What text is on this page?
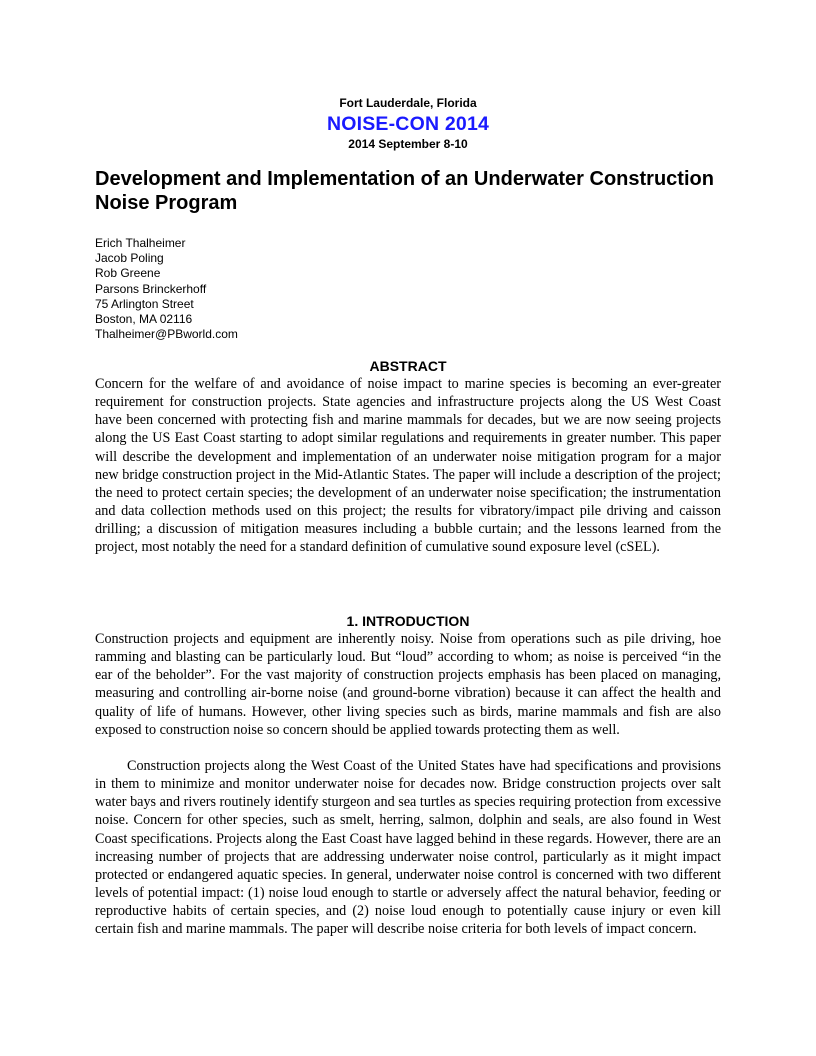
Fort Lauderdale, Florida
NOISE-CON 2014
2014 September 8-10
Development and Implementation of an Underwater Construction Noise Program
Erich Thalheimer
Jacob Poling
Rob Greene
Parsons Brinckerhoff
75 Arlington Street
Boston, MA 02116
Thalheimer@PBworld.com
ABSTRACT

Concern for the welfare of and avoidance of noise impact to marine species is becoming an ever-greater requirement for construction projects. State agencies and infrastructure projects along the US West Coast have been concerned with protecting fish and marine mammals for decades, but we are now seeing projects along the US East Coast starting to adopt similar regulations and requirements in greater number. This paper will describe the development and implementation of an underwater noise mitigation program for a major new bridge construction project in the Mid-Atlantic States. The paper will include a description of the project; the need to protect certain species; the development of an underwater noise specification; the instrumentation and data collection methods used on this project; the results for vibratory/impact pile driving and caisson drilling; a discussion of mitigation measures including a bubble curtain; and the lessons learned from the project, most notably the need for a standard definition of cumulative sound exposure level (cSEL).

1. INTRODUCTION

Construction projects and equipment are inherently noisy. Noise from operations such as pile driving, hoe ramming and blasting can be particularly loud. But “loud” according to whom; as noise is perceived “in the ear of the beholder”. For the vast majority of construction projects emphasis has been placed on managing, measuring and controlling air-borne noise (and ground-borne vibration) because it can affect the health and quality of life of humans. However, other living species such as birds, marine mammals and fish are also exposed to construction noise so concern should be applied towards protecting them as well.

Construction projects along the West Coast of the United States have had specifications and provisions in them to minimize and monitor underwater noise for decades now. Bridge construction projects over salt water bays and rivers routinely identify sturgeon and sea turtles as species requiring protection from excessive noise. Concern for other species, such as smelt, herring, salmon, dolphin and seals, are also found in West Coast specifications. Projects along the East Coast have lagged behind in these regards. However, there are an increasing number of projects that are addressing underwater noise control, particularly as it might impact protected or endangered aquatic species. In general, underwater noise control is concerned with two different levels of potential impact: (1) noise loud enough to startle or adversely affect the natural behavior, feeding or reproductive habits of certain species, and (2) noise loud enough to potentially cause injury or even kill certain fish and marine mammals. The paper will describe noise criteria for both levels of impact concern.
